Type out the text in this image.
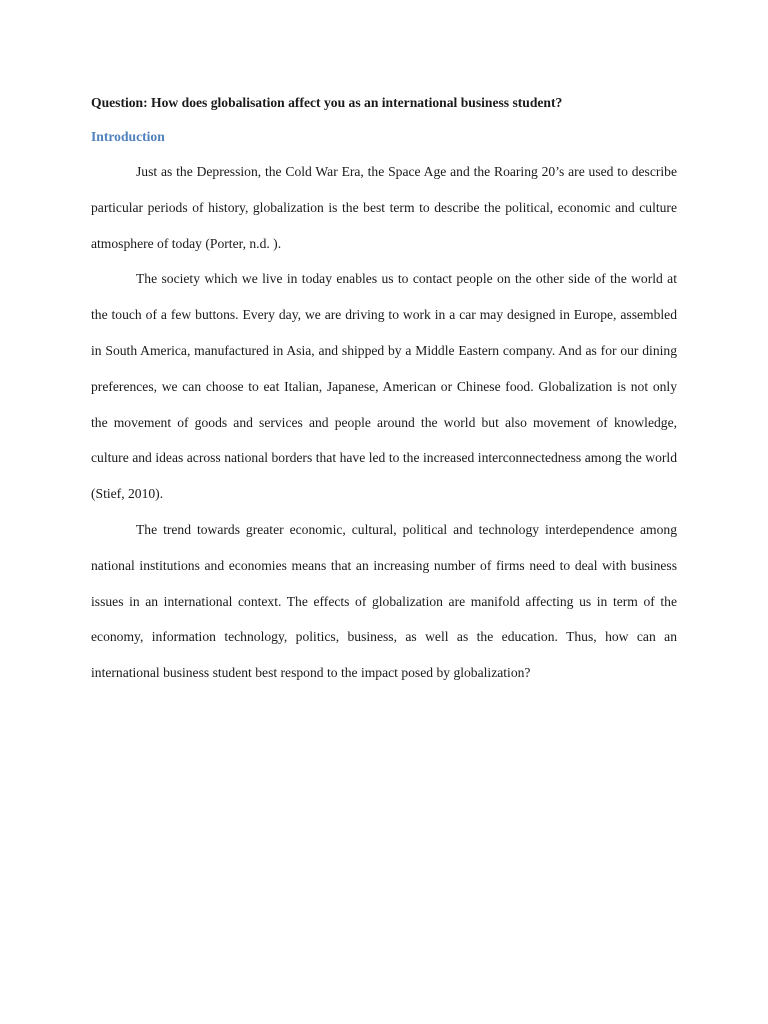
Question: How does globalisation affect you as an international business student?

Introduction

Just as the Depression, the Cold War Era, the Space Age and the Roaring 20’s are used to describe particular periods of history, globalization is the best term to describe the political, economic and culture atmosphere of today (Porter, n.d. ).

The society which we live in today enables us to contact people on the other side of the world at the touch of a few buttons. Every day, we are driving to work in a car may designed in Europe, assembled in South America, manufactured in Asia, and shipped by a Middle Eastern company. And as for our dining preferences, we can choose to eat Italian, Japanese, American or Chinese food. Globalization is not only the movement of goods and services and people around the world but also movement of knowledge, culture and ideas across national borders that have led to the increased interconnectedness among the world (Stief, 2010).

The trend towards greater economic, cultural, political and technology interdependence among national institutions and economies means that an increasing number of firms need to deal with business issues in an international context. The effects of globalization are manifold affecting us in term of the economy, information technology, politics, business, as well as the education. Thus, how can an international business student best respond to the impact posed by globalization?
